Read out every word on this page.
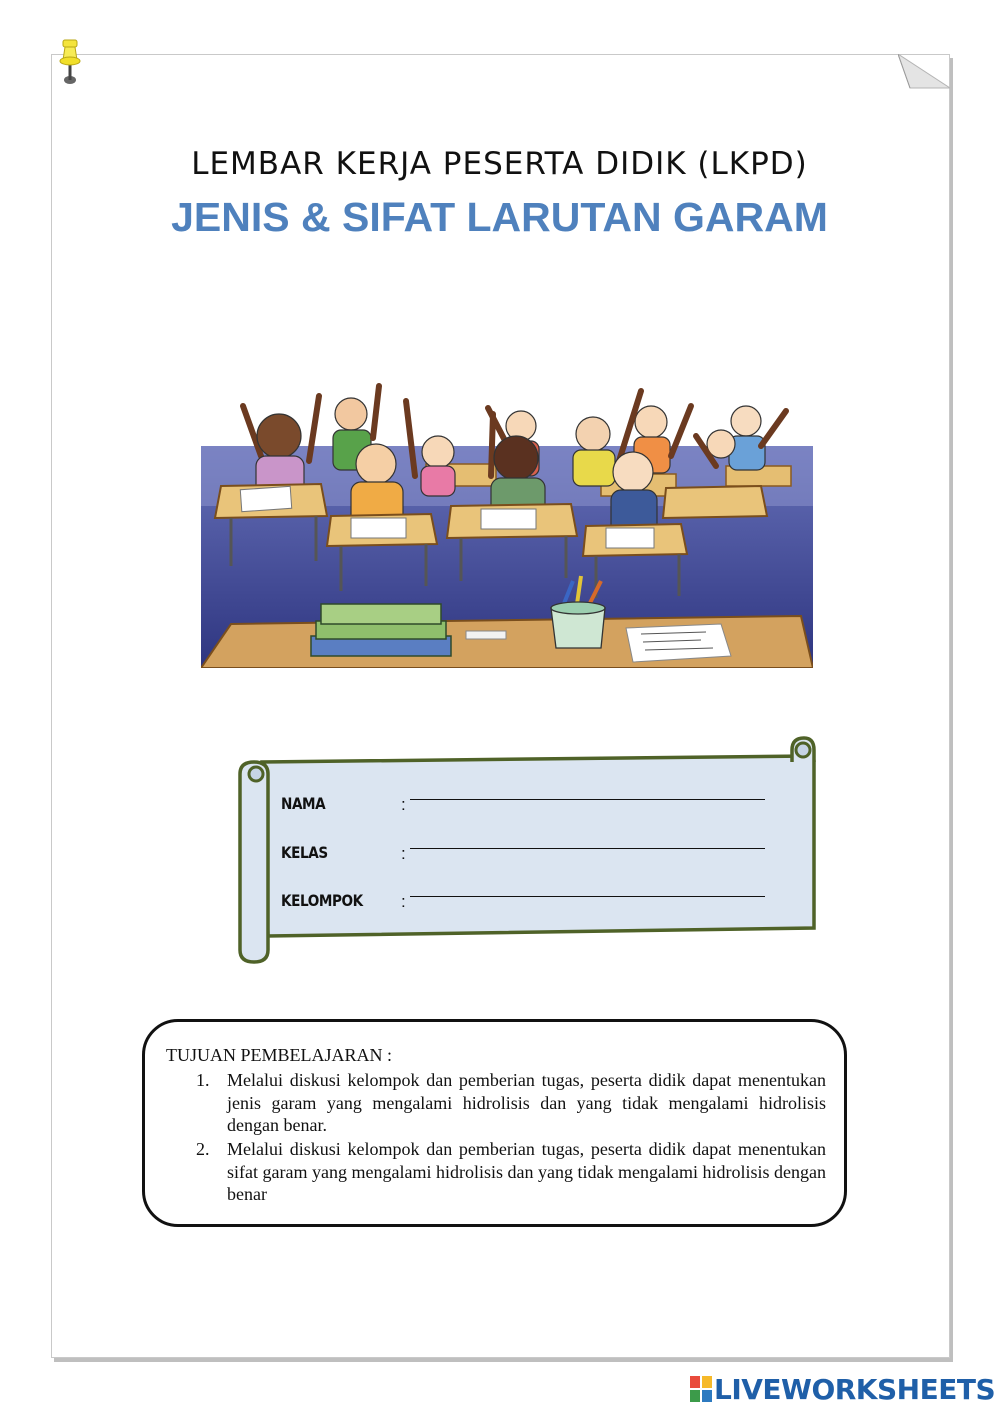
LEMBAR KERJA PESERTA DIDIK (LKPD)
JENIS & SIFAT LARUTAN GARAM
NAMA	:
KELAS	:
KELOMPOK :
TUJUAN PEMBELAJARAN :
1. Melalui diskusi kelompok dan pemberian tugas, peserta didik dapat menentukan jenis garam yang mengalami hidrolisis dan yang tidak mengalami hidrolisis dengan benar.
2. Melalui diskusi kelompok dan pemberian tugas, peserta didik dapat menentukan sifat garam yang mengalami hidrolisis dan yang tidak mengalami hidrolisis dengan benar
LIVEWORKSHEETS
